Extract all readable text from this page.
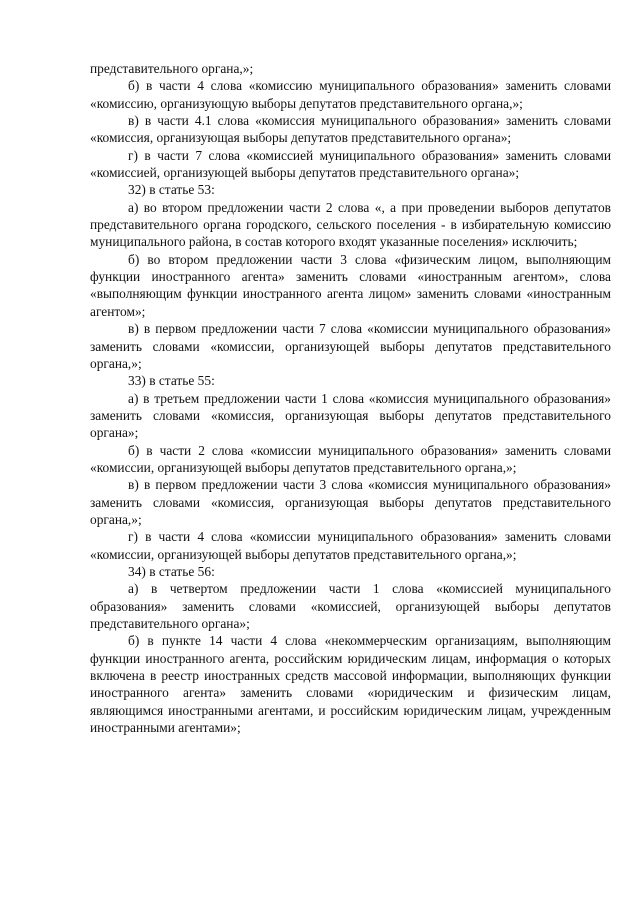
представительного органа,»;

б) в части 4 слова «комиссию муниципального образования» заменить словами «комиссию, организующую выборы депутатов представительного органа,»;

в) в части 4.1 слова «комиссия муниципального образования» заменить словами «комиссия, организующая выборы депутатов представительного органа»;

г) в части 7 слова «комиссией муниципального образования» заменить словами «комиссией, организующей выборы депутатов представительного органа»;

32) в статье 53:

а) во втором предложении части 2 слова «, а при проведении выборов депутатов представительного органа городского, сельского поселения - в избирательную комиссию муниципального района, в состав которого входят указанные поселения» исключить;

б) во втором предложении части 3 слова «физическим лицом, выполняющим функции иностранного агента» заменить словами «иностранным агентом», слова «выполняющим функции иностранного агента лицом» заменить словами «иностранным агентом»;

в) в первом предложении части 7 слова «комиссии муниципального образования» заменить словами «комиссии, организующей выборы депутатов представительного органа,»;

33) в статье 55:

а) в третьем предложении части 1 слова «комиссия муниципального образования» заменить словами «комиссия, организующая выборы депутатов представительного органа»;

б) в части 2 слова «комиссии муниципального образования» заменить словами «комиссии, организующей выборы депутатов представительного органа,»;

в) в первом предложении части 3 слова «комиссия муниципального образования» заменить словами «комиссия, организующая выборы депутатов представительного органа,»;

г) в части 4 слова «комиссии муниципального образования» заменить словами «комиссии, организующей выборы депутатов представительного органа,»;

34) в статье 56:

а) в четвертом предложении части 1 слова «комиссией муниципального образования» заменить словами «комиссией, организующей выборы депутатов представительного органа»;

б) в пункте 14 части 4 слова «некоммерческим организациям, выполняющим функции иностранного агента, российским юридическим лицам, информация о которых включена в реестр иностранных средств массовой информации, выполняющих функции иностранного агента» заменить словами «юридическим и физическим лицам, являющимся иностранными агентами, и российским юридическим лицам, учрежденным иностранными агентами»;
